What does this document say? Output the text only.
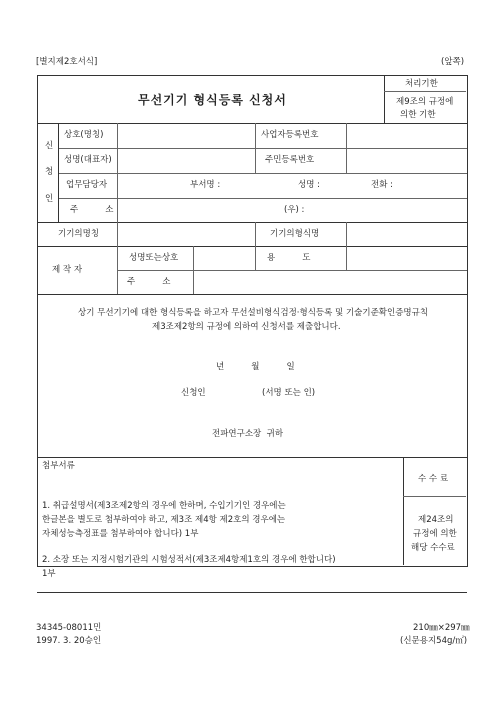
[별지제2호서식]	(앞쪽)
무선기기 형식등록 신청서
처리기한
제9조의 규정에
의한 기한
신
청
인
상호(명칭)	사업자등록번호
성명(대표자)	주민등록번호
업무담당자	부서명 :	성명 :	전화 :
주          소	(우) :
기기의명칭	기기의형식명
제 작 자
성명또는상호	용          도
주          소
상기 무선기기에 대한 형식등록을 하고자 무선설비형식검정·형식등록 및 기술기준확인증명규칙
제3조제2항의 규정에 의하여 신청서를 제출합니다.
년          월          일
신청인	(서명 또는 인)
전파연구소장  귀하
첨부서류
1. 취급설명서(제3조제2항의 경우에 한하며, 수입기기인 경우에는
한글본을 별도로 첨부하여야 하고, 제3조 제4항 제2호의 경우에는
자체성능측정표를 첨부하여야 합니다) 1부
2. 소장 또는 지정시험기관의 시험성적서(제3조제4항제1호의 경우에 한합니다)
1부
수 수 료
제24조의
규정에 의한
해당 수수료
34345-08011민
1997. 3. 20승인
210㎜×297㎜
(신문용지54g/㎡)
